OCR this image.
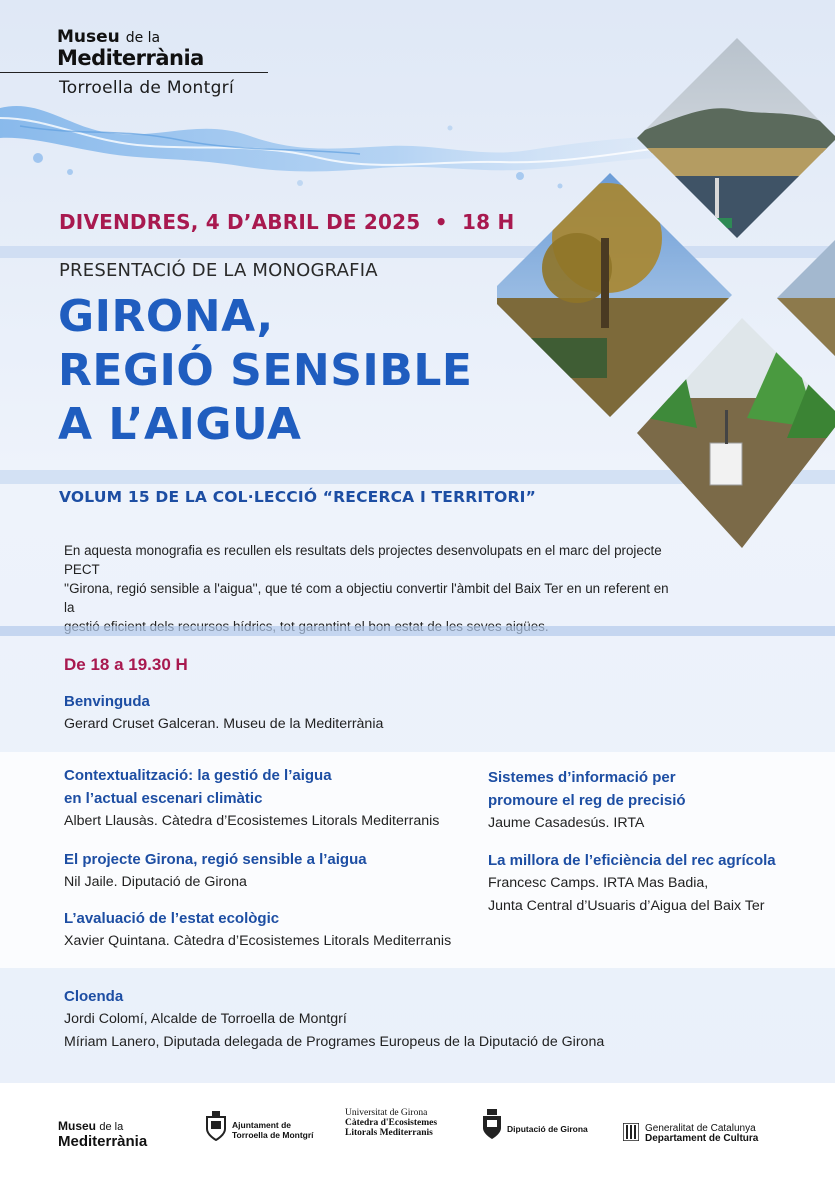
Museu de la
Mediterrània
Torroella de Montgrí
DIVENDRES, 4 D’ABRIL DE 2025 • 18 H
PRESENTACIÓ DE LA MONOGRAFIA
GIRONA,
REGIÓ SENSIBLE
A L’AIGUA
VOLUM 15 DE LA COL·LECCIÓ “RECERCA I TERRITORI”
En aquesta monografia es recullen els resultats dels projectes desenvolupats en el marc del projecte PECT
''Girona, regió sensible a l'aigua'', que té com a objectiu convertir l'àmbit del Baix Ter en un referent en la
De 18 a 19.30 H
Benvinguda
Gerard Cruset Galceran. Museu de la Mediterrània
Contextualització: la gestió de l’aigua
en l’actual escenari climàtic
Albert Llausàs. Càtedra d’Ecosistemes Litorals Mediterranis
El projecte Girona, regió sensible a l’aigua
Nil Jaile. Diputació de Girona
L’avaluació de l’estat ecològic
Xavier Quintana. Càtedra d’Ecosistemes Litorals Mediterranis
Sistemes d’informació per
promoure el reg de precisió
Jaume Casadesús. IRTA
La millora de l’eficiència del rec agrícola
Francesc Camps. IRTA Mas Badia,
Junta Central d’Usuaris d’Aigua del Baix Ter
Cloenda
Jordi Colomí, Alcalde de Torroella de Montgrí
Míriam Lanero, Diputada delegada de Programes Europeus de la Diputació de Girona
Museu de la
Mediterrània
Ajuntament de
Torroella de Montgrí
Universitat de Girona
Càtedra d'Ecosistemes
Litorals Mediterranis	Diputació de Girona	Generalitat de Catalunya
Departament de Cultura
